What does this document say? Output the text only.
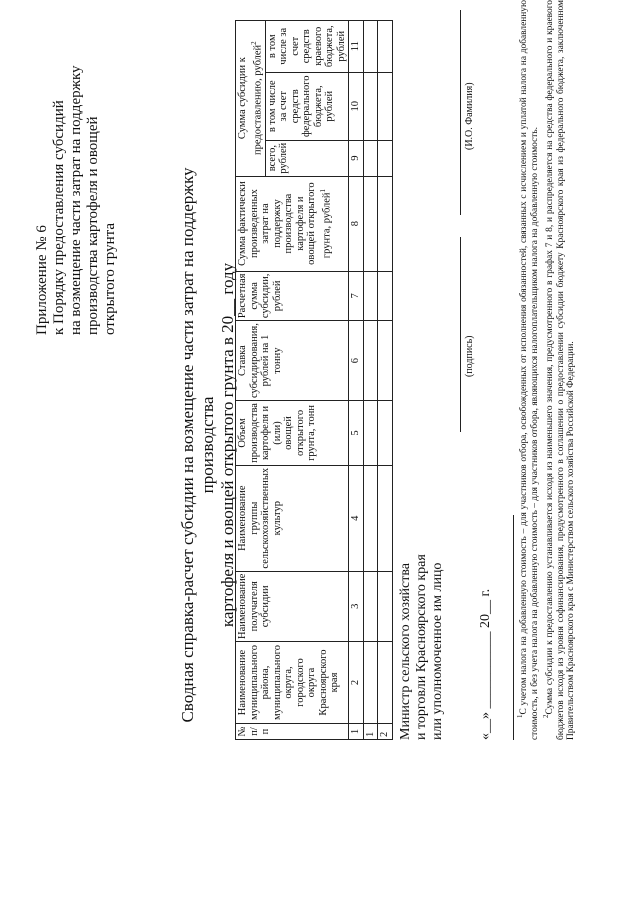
Приложение № 6 к Порядку предоставления субсидий на возмещение части затрат на поддержку производства картофеля и овощей открытого грунта	Сводная справка-расчет субсидии на возмещение части затрат на поддержку производства картофеля и овощей открытого грунта в 20__ году
№ п/п	Наименование муниципального района, муниципального округа, городского округа Красноярского края	Наименование получателя субсидии	Наименование группы сельскохозяйственных культур	Объем производства картофеля и (или) овощей открытого грунта, тонн	Ставка субсидирования, рублей на 1 тонну	Расчетная сумма субсидии, рублей	Сумма фактически произведенных затрат на поддержку производства картофеля и овощей открытого грунта, рублей$^1$	Сумма субсидии к предоставлению, рублей$^2$
								всего, рублей	в том числе за счет средств федерального бюджета, рублей	в том числе за счет средств краевого бюджета, рублей
1	2	3	4	5	6	7	8	9	10	11
1										
2										Министр сельского хозяйства и торговли Красноярского края или уполномоченное им лицо
(подпись)
(И.О. Фамилия)
«__» ___________ 20__ г.	$^1$С учетом налога на добавленную стоимость – для участников отбора, освобожденных от исполнения обязанностей, связанных с исчислением и уплатой налога на добавленную стоимость, и без учета налога на добавленную стоимость – для участников отбора, являющихся налогоплательщиком налога на добавленную стоимость. $^2$Сумма субсидии к предоставлению устанавливается исходя из наименьшего значения, предусмотренного в графах 7 и 8, и распределяется на средства федерального и краевого бюджетов исходя из уровня софинансирования, предусмотренного в соглашении о предоставлении субсидии бюджету Красноярского края из федерального бюджета, заключенном Правительством Красноярского края с Министерством сельского хозяйства Российской Федерации.
